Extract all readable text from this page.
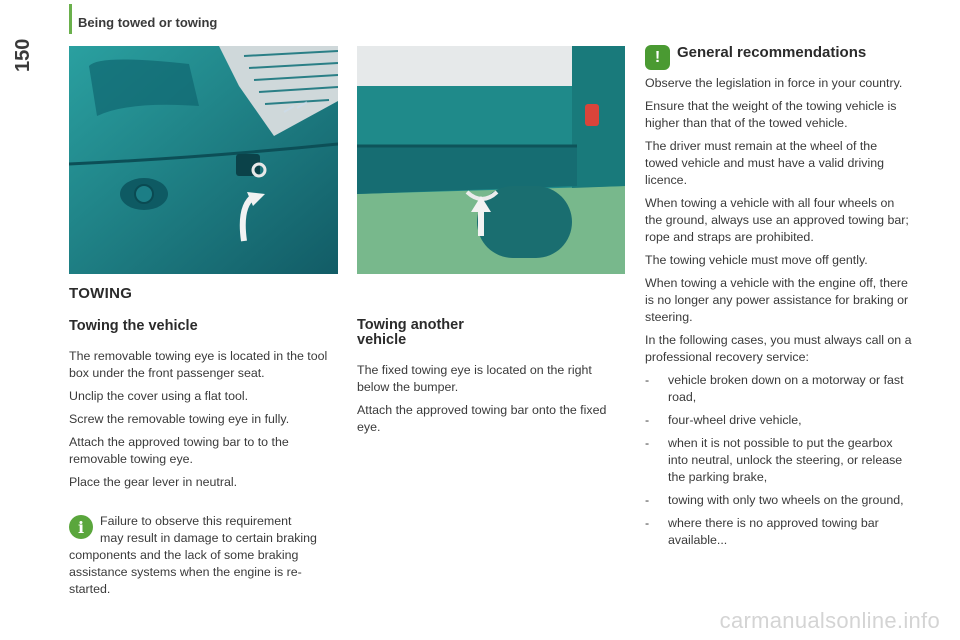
Being towed or towing
150
TOWING
Towing the vehicle

The removable towing eye is located in the tool box under the front passenger seat.

Unclip the cover using a flat tool.

Screw the removable towing eye in fully.

Attach the approved towing bar to to the removable towing eye.

Place the gear lever in neutral.

i	Failure to observe this requirement

may result in damage to certain braking

components and the lack of some braking

assistance systems when the engine is re-

started.

Towing another
vehicle

The fixed towing eye is located on the right below the bumper.

Attach the approved towing bar onto the fixed eye.

!	General recommendations

Observe the legislation in force in your country.

Ensure that the weight of the towing vehicle is higher than that of the towed vehicle.

The driver must remain at the wheel of the towed vehicle and must have a valid driving licence.

When towing a vehicle with all four wheels on the ground, always use an approved towing bar; rope and straps are prohibited.

The towing vehicle must move off gently.

When towing a vehicle with the engine off, there is no longer any power assistance for braking or steering.

In the following cases, you must always call on a professional recovery service:

- vehicle broken down on a motorway or fast road,
- four-wheel drive vehicle,
- when it is not possible to put the gearbox into neutral, unlock the steering, or release the parking brake,
- towing with only two wheels on the ground,
- where there is no approved towing bar available...
carmanualsonline.info
